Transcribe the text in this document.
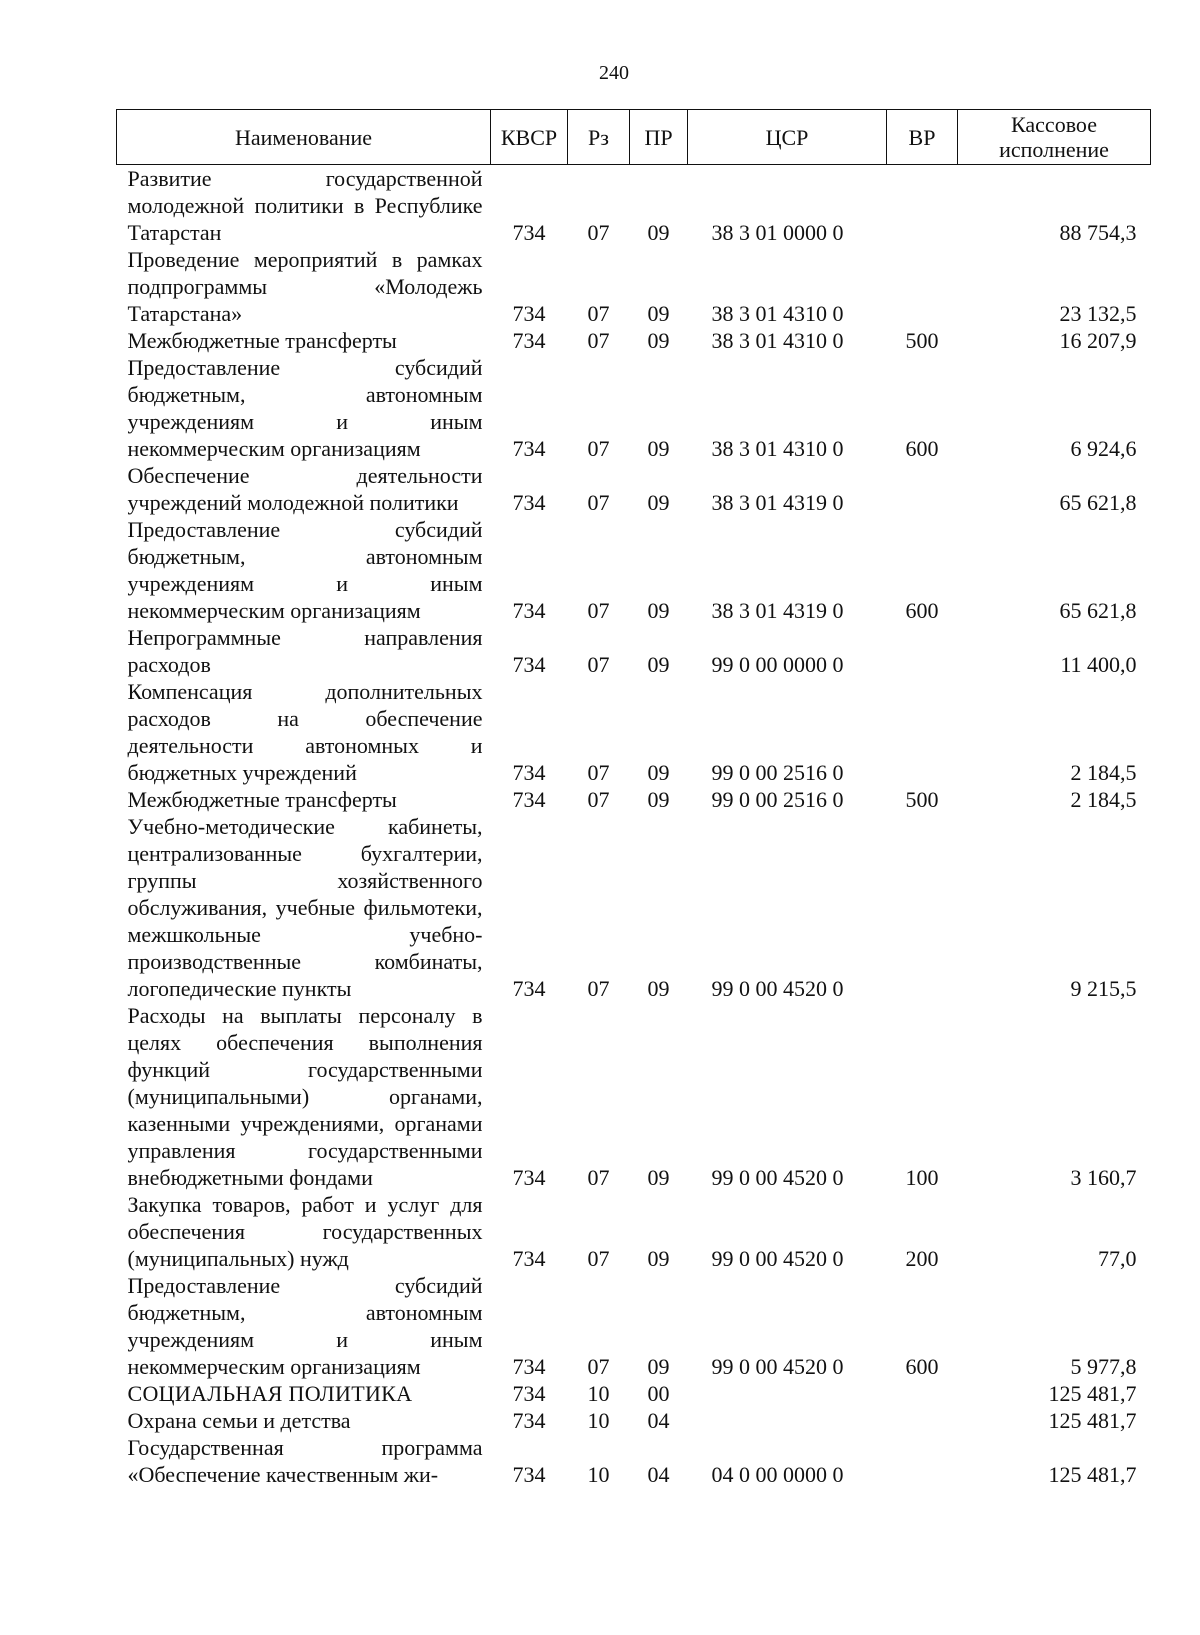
240
Наименование	КВСР	Рз	ПР	ЦСР	ВР	Кассовое исполнение
Развитие государственной молодежной политики в Республике Татарстан	734	07	09	38 3 01 0000 0		88 754,3
Проведение мероприятий в рамках подпрограммы «Молодежь Татарстана»	734	07	09	38 3 01 4310 0		23 132,5
Межбюджетные трансферты	734	07	09	38 3 01 4310 0	500	16 207,9
Предоставление субсидий бюджетным, автономным учреждениям и иным некоммерческим организациям	734	07	09	38 3 01 4310 0	600	6 924,6
Обеспечение деятельности учреждений молодежной политики	734	07	09	38 3 01 4319 0		65 621,8
Предоставление субсидий бюджетным, автономным учреждениям и иным некоммерческим организациям	734	07	09	38 3 01 4319 0	600	65 621,8
Непрограммные направления расходов	734	07	09	99 0 00 0000 0		11 400,0
Компенсация дополнительных расходов на обеспечение деятельности автономных и бюджетных учреждений	734	07	09	99 0 00 2516 0		2 184,5
Межбюджетные трансферты	734	07	09	99 0 00 2516 0	500	2 184,5
Учебно-методические кабинеты, централизованные бухгалтерии, группы хозяйственного обслуживания, учебные фильмотеки, межшкольные учебно-производственные комбинаты, логопедические пункты	734	07	09	99 0 00 4520 0		9 215,5
Расходы на выплаты персоналу в целях обеспечения выполнения функций государственными (муниципальными) органами, казенными учреждениями, органами управления государственными внебюджетными фондами	734	07	09	99 0 00 4520 0	100	3 160,7
Закупка товаров, работ и услуг для обеспечения государственных (муниципальных) нужд	734	07	09	99 0 00 4520 0	200	77,0
Предоставление субсидий бюджетным, автономным учреждениям и иным некоммерческим организациям	734	07	09	99 0 00 4520 0	600	5 977,8
СОЦИАЛЬНАЯ ПОЛИТИКА	734	10	00			125 481,7
Охрана семьи и детства	734	10	04			125 481,7
Государственная программа «Обеспечение качественным жи-	734	10	04	04 0 00 0000 0		125 481,7
